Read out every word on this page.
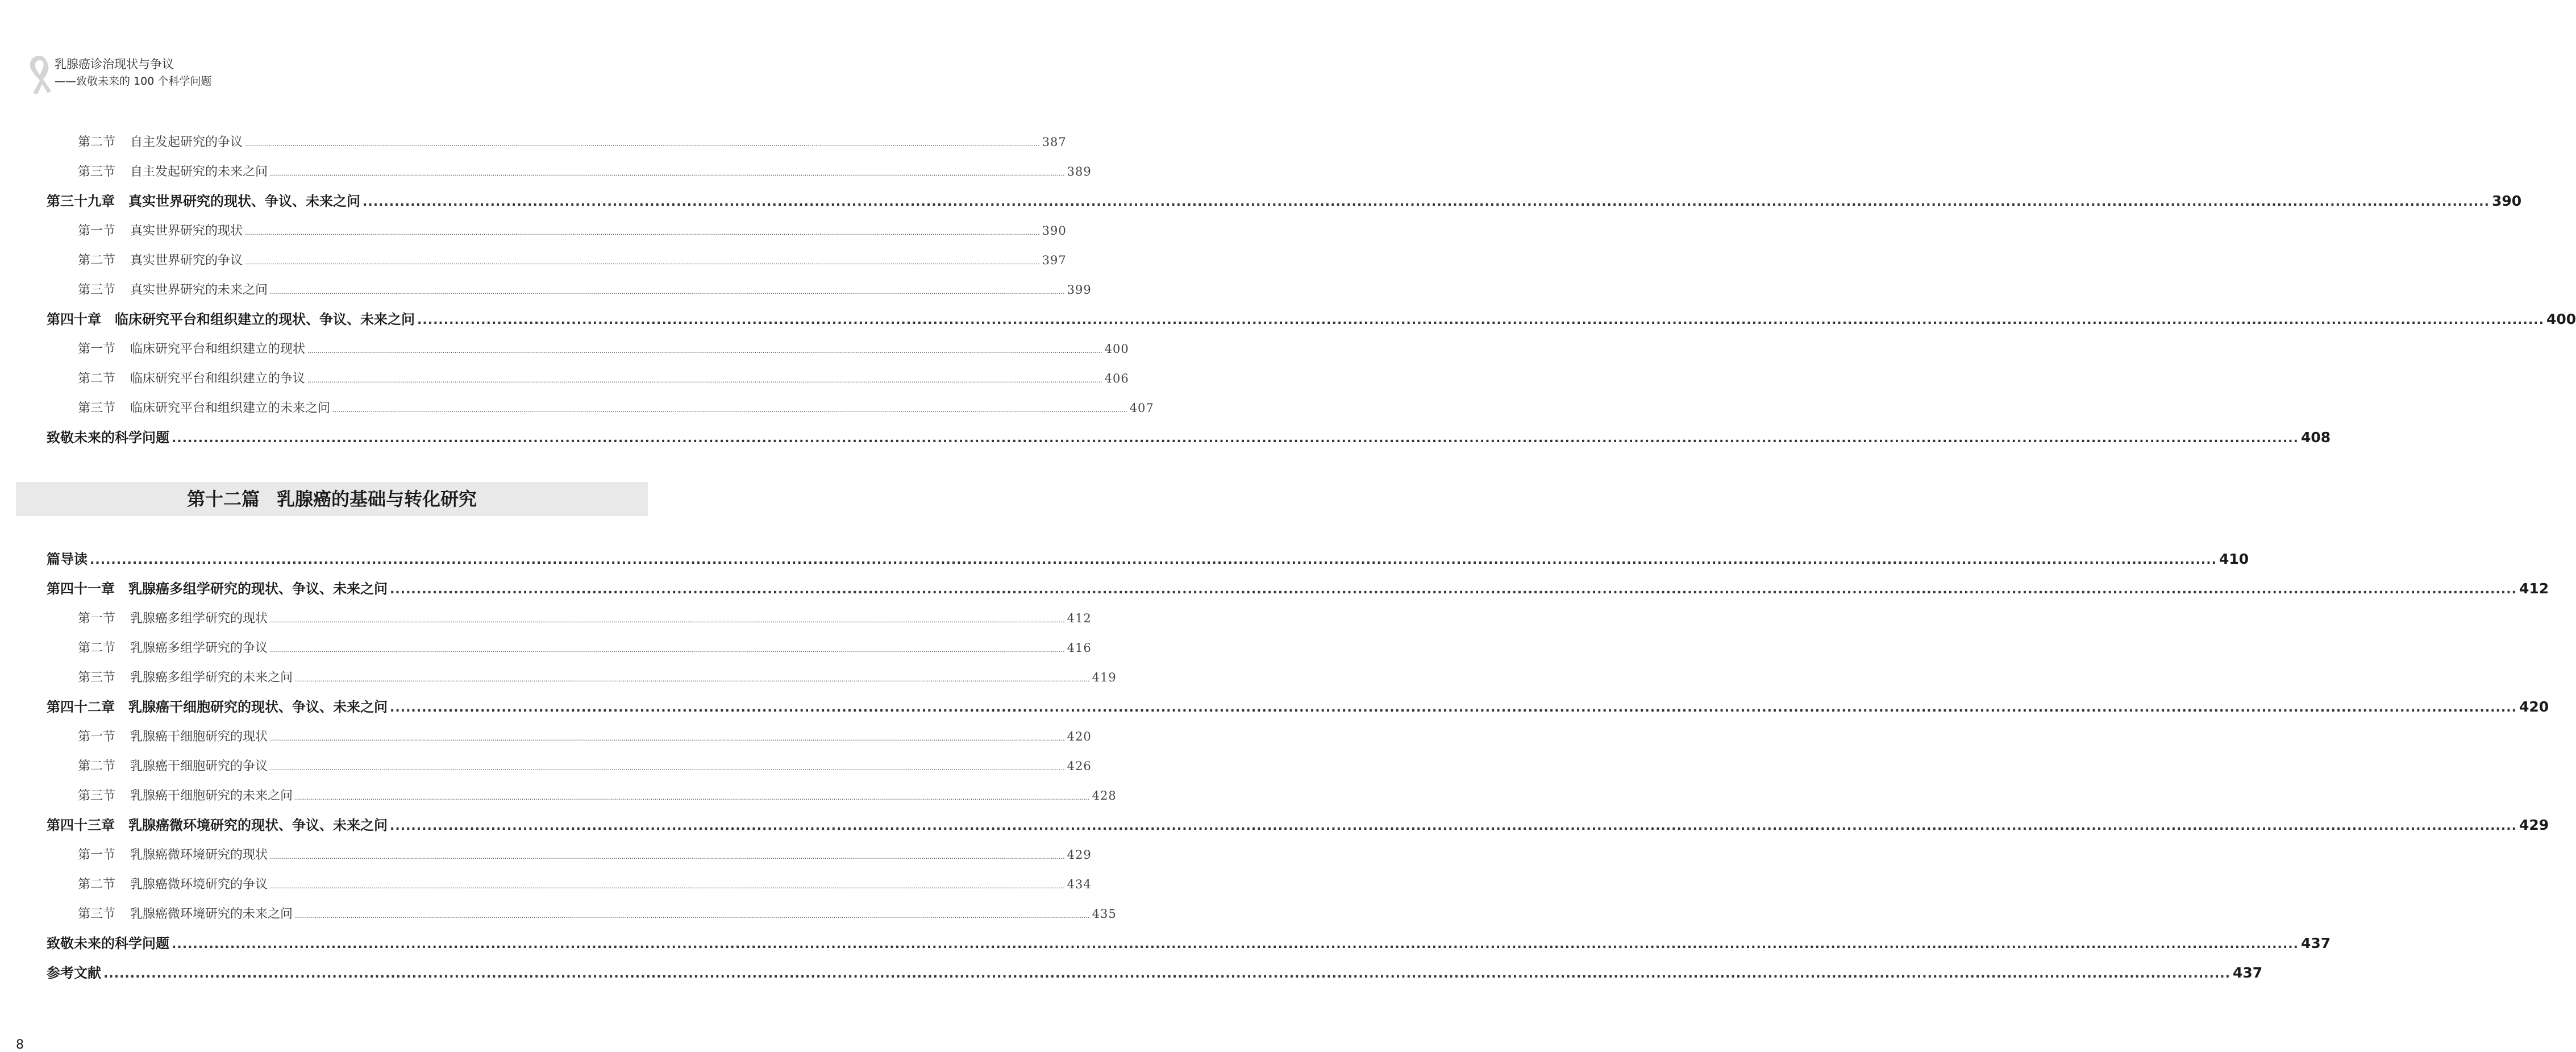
乳腺癌诊治现状与争议
——致敬未来的 100 个科学问题
第二节 自主发起研究的争议 ................................................................................................................................................................................................................................................................................................................................................................................................................ 387
第三节 自主发起研究的未来之问 ................................................................................................................................................................................................................................................................................................................................................................................................................ 389
第三十九章 真实世界研究的现状、争议、未来之问 ................................................................................................................................................................................................................................................................................................................................................................................................................ 390
第一节 真实世界研究的现状 ................................................................................................................................................................................................................................................................................................................................................................................................................ 390
第二节 真实世界研究的争议 ................................................................................................................................................................................................................................................................................................................................................................................................................ 397
第三节 真实世界研究的未来之问 ................................................................................................................................................................................................................................................................................................................................................................................................................ 399
第四十章 临床研究平台和组织建立的现状、争议、未来之问 ................................................................................................................................................................................................................................................................................................................................................................................................................ 400
第一节 临床研究平台和组织建立的现状 ................................................................................................................................................................................................................................................................................................................................................................................................................ 400
第二节 临床研究平台和组织建立的争议 ................................................................................................................................................................................................................................................................................................................................................................................................................ 406
第三节 临床研究平台和组织建立的未来之问 ................................................................................................................................................................................................................................................................................................................................................................................................................ 407
致敬未来的科学问题 ................................................................................................................................................................................................................................................................................................................................................................................................................ 408
第十二篇 乳腺癌的基础与转化研究
篇导读 ................................................................................................................................................................................................................................................................................................................................................................................................................ 410
第四十一章 乳腺癌多组学研究的现状、争议、未来之问 ................................................................................................................................................................................................................................................................................................................................................................................................................ 412
第一节 乳腺癌多组学研究的现状 ................................................................................................................................................................................................................................................................................................................................................................................................................ 412
第二节 乳腺癌多组学研究的争议 ................................................................................................................................................................................................................................................................................................................................................................................................................ 416
第三节 乳腺癌多组学研究的未来之问 ................................................................................................................................................................................................................................................................................................................................................................................................................ 419
第四十二章 乳腺癌干细胞研究的现状、争议、未来之问 ................................................................................................................................................................................................................................................................................................................................................................................................................ 420
第一节 乳腺癌干细胞研究的现状 ................................................................................................................................................................................................................................................................................................................................................................................................................ 420
第二节 乳腺癌干细胞研究的争议 ................................................................................................................................................................................................................................................................................................................................................................................................................ 426
第三节 乳腺癌干细胞研究的未来之问 ................................................................................................................................................................................................................................................................................................................................................................................................................ 428
第四十三章 乳腺癌微环境研究的现状、争议、未来之问 ................................................................................................................................................................................................................................................................................................................................................................................................................ 429
第一节 乳腺癌微环境研究的现状 ................................................................................................................................................................................................................................................................................................................................................................................................................ 429
第二节 乳腺癌微环境研究的争议 ................................................................................................................................................................................................................................................................................................................................................................................................................ 434
第三节 乳腺癌微环境研究的未来之问 ................................................................................................................................................................................................................................................................................................................................................................................................................ 435
致敬未来的科学问题 ................................................................................................................................................................................................................................................................................................................................................................................................................ 437
参考文献 ................................................................................................................................................................................................................................................................................................................................................................................................................ 437
8
